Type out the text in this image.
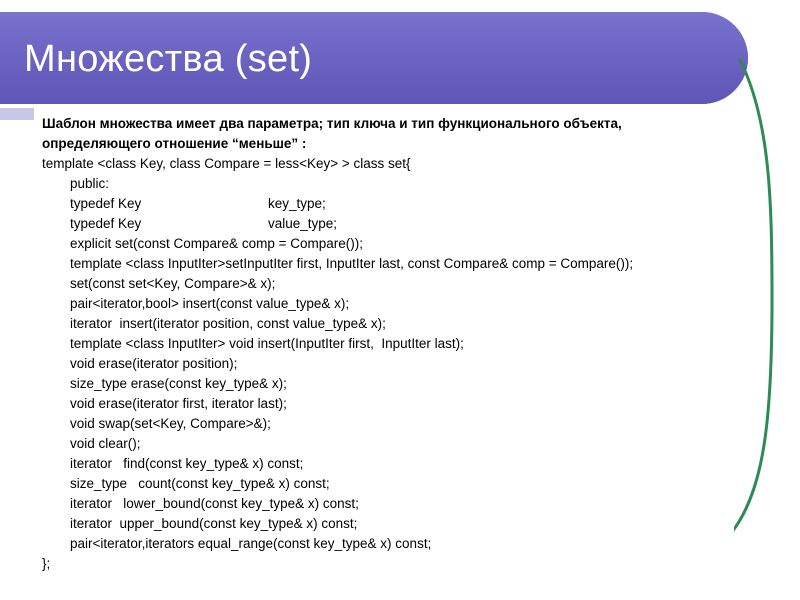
Множества (set)
Шаблон множества имеет два параметра; тип ключа и тип функционального объекта, определяющего отношение “меньше” :
template <class Key, class Compare = less<Key> > class set{
public:
typedef Key	key_type;
typedef Key	value_type;
explicit set(const Compare& comp = Compare());
template <class InputIter>setInputIter first, InputIter last, const Compare& comp = Compare());
set(const set<Key, Compare>& x);
pair<iterator,bool> insert(const value_type& x);
iterator  insert(iterator position, const value_type& x);
template <class InputIter> void insert(InputIter first,  InputIter last);
void erase(iterator position);
size_type erase(const key_type& x);
void erase(iterator first, iterator last);
void swap(set<Key, Compare>&);
void clear();
iterator   find(const key_type& x) const;
size_type   count(const key_type& x) const;
iterator   lower_bound(const key_type& x) const;
iterator  upper_bound(const key_type& x) const;
pair<iterator,iterators equal_range(const key_type& x) const;
};
